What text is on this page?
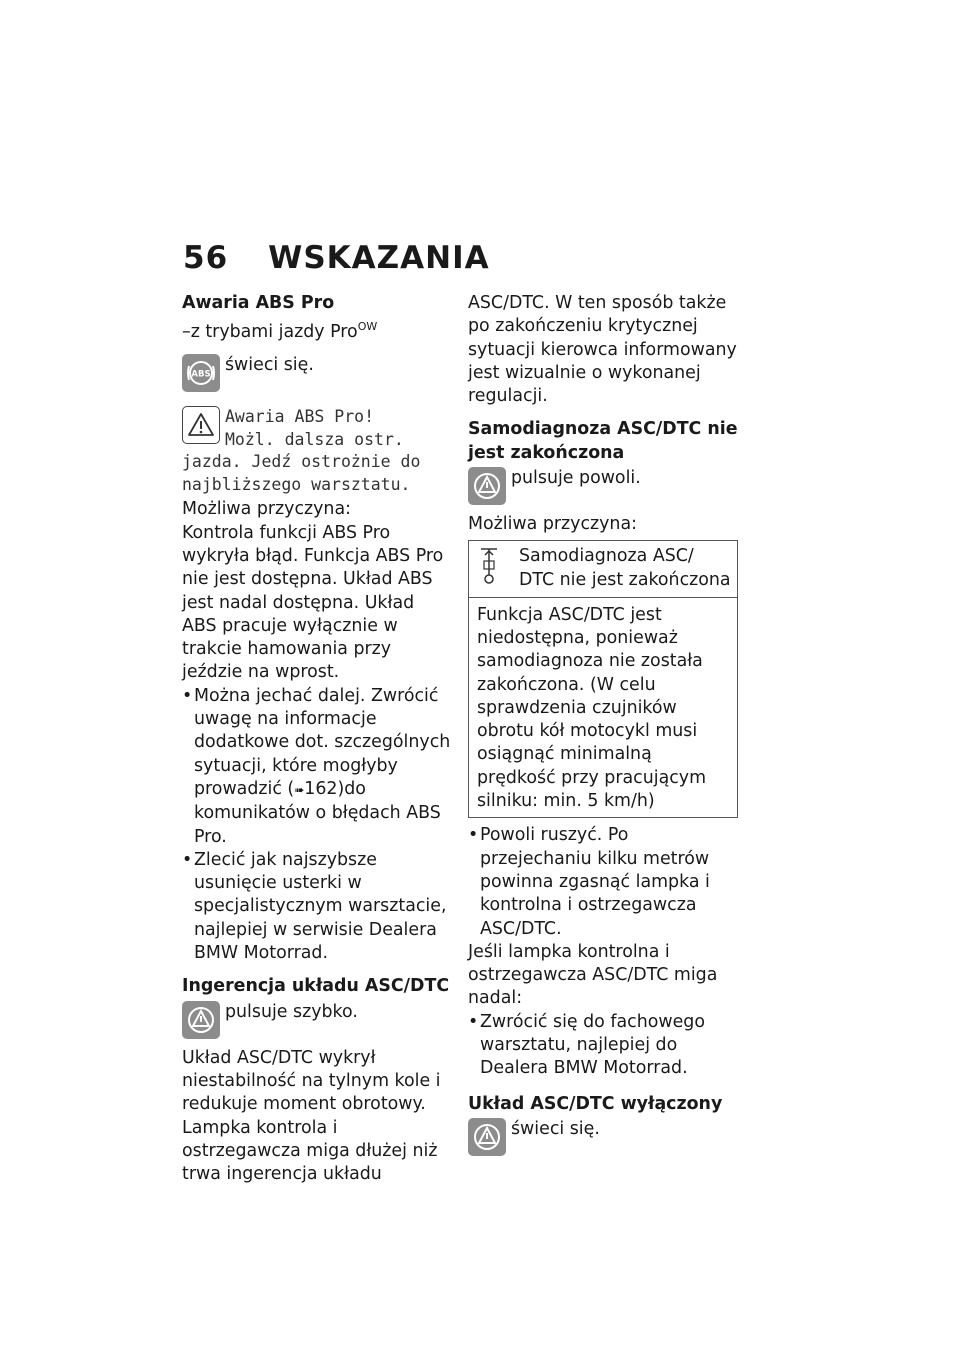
56 WSKAZANIA
Awaria ABS Pro
–z trybami jazdy Pro$^{OW}$
ABS świeci się.
Awaria ABS Pro!
Możl. dalsza ostr.
jazda. Jedź ostrożnie do
najbliższego warsztatu.

Możliwa przyczyna:

Kontrola funkcji ABS Pro wykryła błąd. Funkcja ABS Pro nie jest dostępna. Układ ABS jest nadal dostępna. Układ ABS pracuje wyłącznie w trakcie hamowania przy jeździe na wprost.

• Można jechać dalej. Zwrócić uwagę na informacje dodatkowe dot. szczególnych sytuacji, które mogłyby prowadzić (➠162)do komunikatów o błędach ABS Pro.
• Zlecić jak najszybsze usunięcie usterki w specjalistycznym warsztacie, najlepiej w serwisie Dealera BMW Motorrad.
Ingerencja układu ASC/DTC
pulsuje szybko.

Układ ASC/DTC wykrył niestabilność na tylnym kole i redukuje moment obrotowy. Lampka kontrola i ostrzegawcza miga dłużej niż trwa ingerencja układu

ASC/DTC. W ten sposób także po zakończeniu krytycznej sytuacji kierowca informowany jest wizualnie o wykonanej regulacji.

Samodiagnoza ASC/DTC nie jest zakończona
pulsuje powoli.

Możliwa przyczyna:

Samodiagnoza ASC/ DTC nie jest zakończona
Funkcja ASC/DTC jest niedostępna, ponieważ samodiagnoza nie została zakończona. (W celu sprawdzenia czujników obrotu kół motocykl musi osiągnąć minimalną prędkość przy pracującym silniku: min. 5 km/h)
• Powoli ruszyć. Po przejechaniu kilku metrów powinna zgasnąć lampka i kontrolna i ostrzegawcza ASC/DTC.

Jeśli lampka kontrolna i ostrzegawcza ASC/DTC miga nadal:

• Zwrócić się do fachowego warsztatu, najlepiej do Dealera BMW Motorrad.
Układ ASC/DTC wyłączony
świeci się.
